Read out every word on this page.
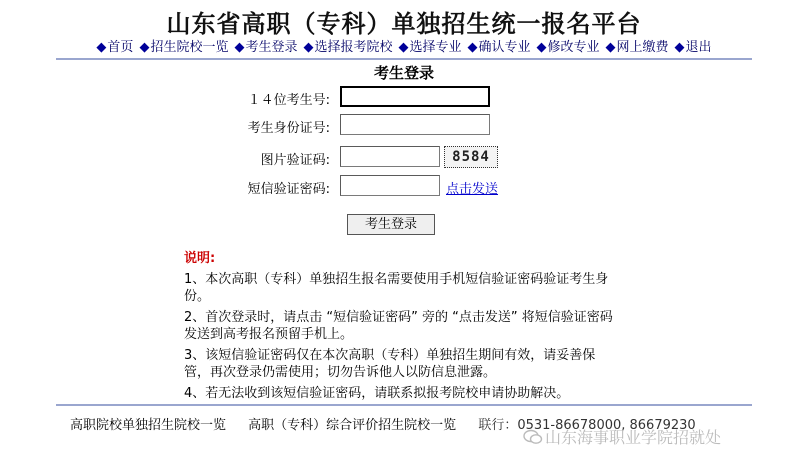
山东省高职（专科）单独招生统一报名平台
◆首页 ◆招生院校一览 ◆考生登录 ◆选择报考院校 ◆选择专业 ◆确认专业 ◆修改专业 ◆网上缴费 ◆退出
考生登录
１４位考生号:
考生身份证号:
图片验证码:	8584
短信验证密码:	点击发送
考生登录
说明:
1、本次高职（专科）单独招生报名需要使用手机短信验证密码验证考生身份。
2、首次登录时，请点击 “短信验证密码” 旁的 “点击发送” 将短信验证密码发送到高考报名预留手机上。
3、该短信验证密码仅在本次高职（专科）单独招生期间有效，请妥善保管，再次登录仍需使用；切勿告诉他人以防信息泄露。
4、若无法收到该短信验证密码，请联系拟报考院校申请协助解决。
高职院校单独招生院校一览 高职（专科）综合评价招生院校一览 联行：0531-86678000, 86679230
山东海事职业学院招就处
